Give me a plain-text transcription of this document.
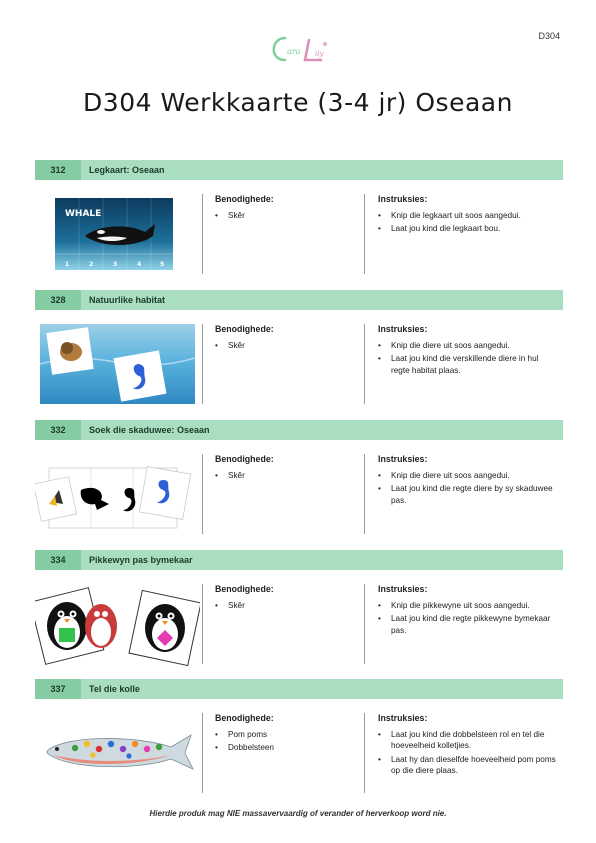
D304
ara ily
D304 Werkkaarte (3-4 jr) Oseaan
312	Legkaart: Oseaan
WHALE
1	2	3	4	5
Benodighede:
• Skêr
Instruksies:
• Knip die legkaart uit soos aangedui.
• Laat jou kind die legkaart bou.
328	Natuurlike habitat
Benodighede:
• Skêr
Instruksies:
• Knip die diere uit soos aangedui.
• Laat jou kind die verskillende diere in hul regte habitat plaas.
332	Soek die skaduwee: Oseaan
Benodighede:
• Skêr
Instruksies:
• Knip die diere uit soos aangedui.
• Laat jou kind die regte diere by sy skaduwee pas.
334	Pikkewyn pas bymekaar
Benodighede:
• Skêr
Instruksies:
• Knip die pikkewyne uit soos aangedui.
• Laat jou kind die regte pikkewyne bymekaar pas.
337	Tel die kolle
Benodighede:
• Pom poms
• Dobbelsteen
Instruksies:
• Laat jou kind die dobbelsteen rol en tel die hoeveelheid kolletjies.
• Laat hy dan dieselfde hoeveelheid pom poms op die diere plaas.
Hierdie produk mag NIE massavervaardig of verander of herverkoop word nie.
